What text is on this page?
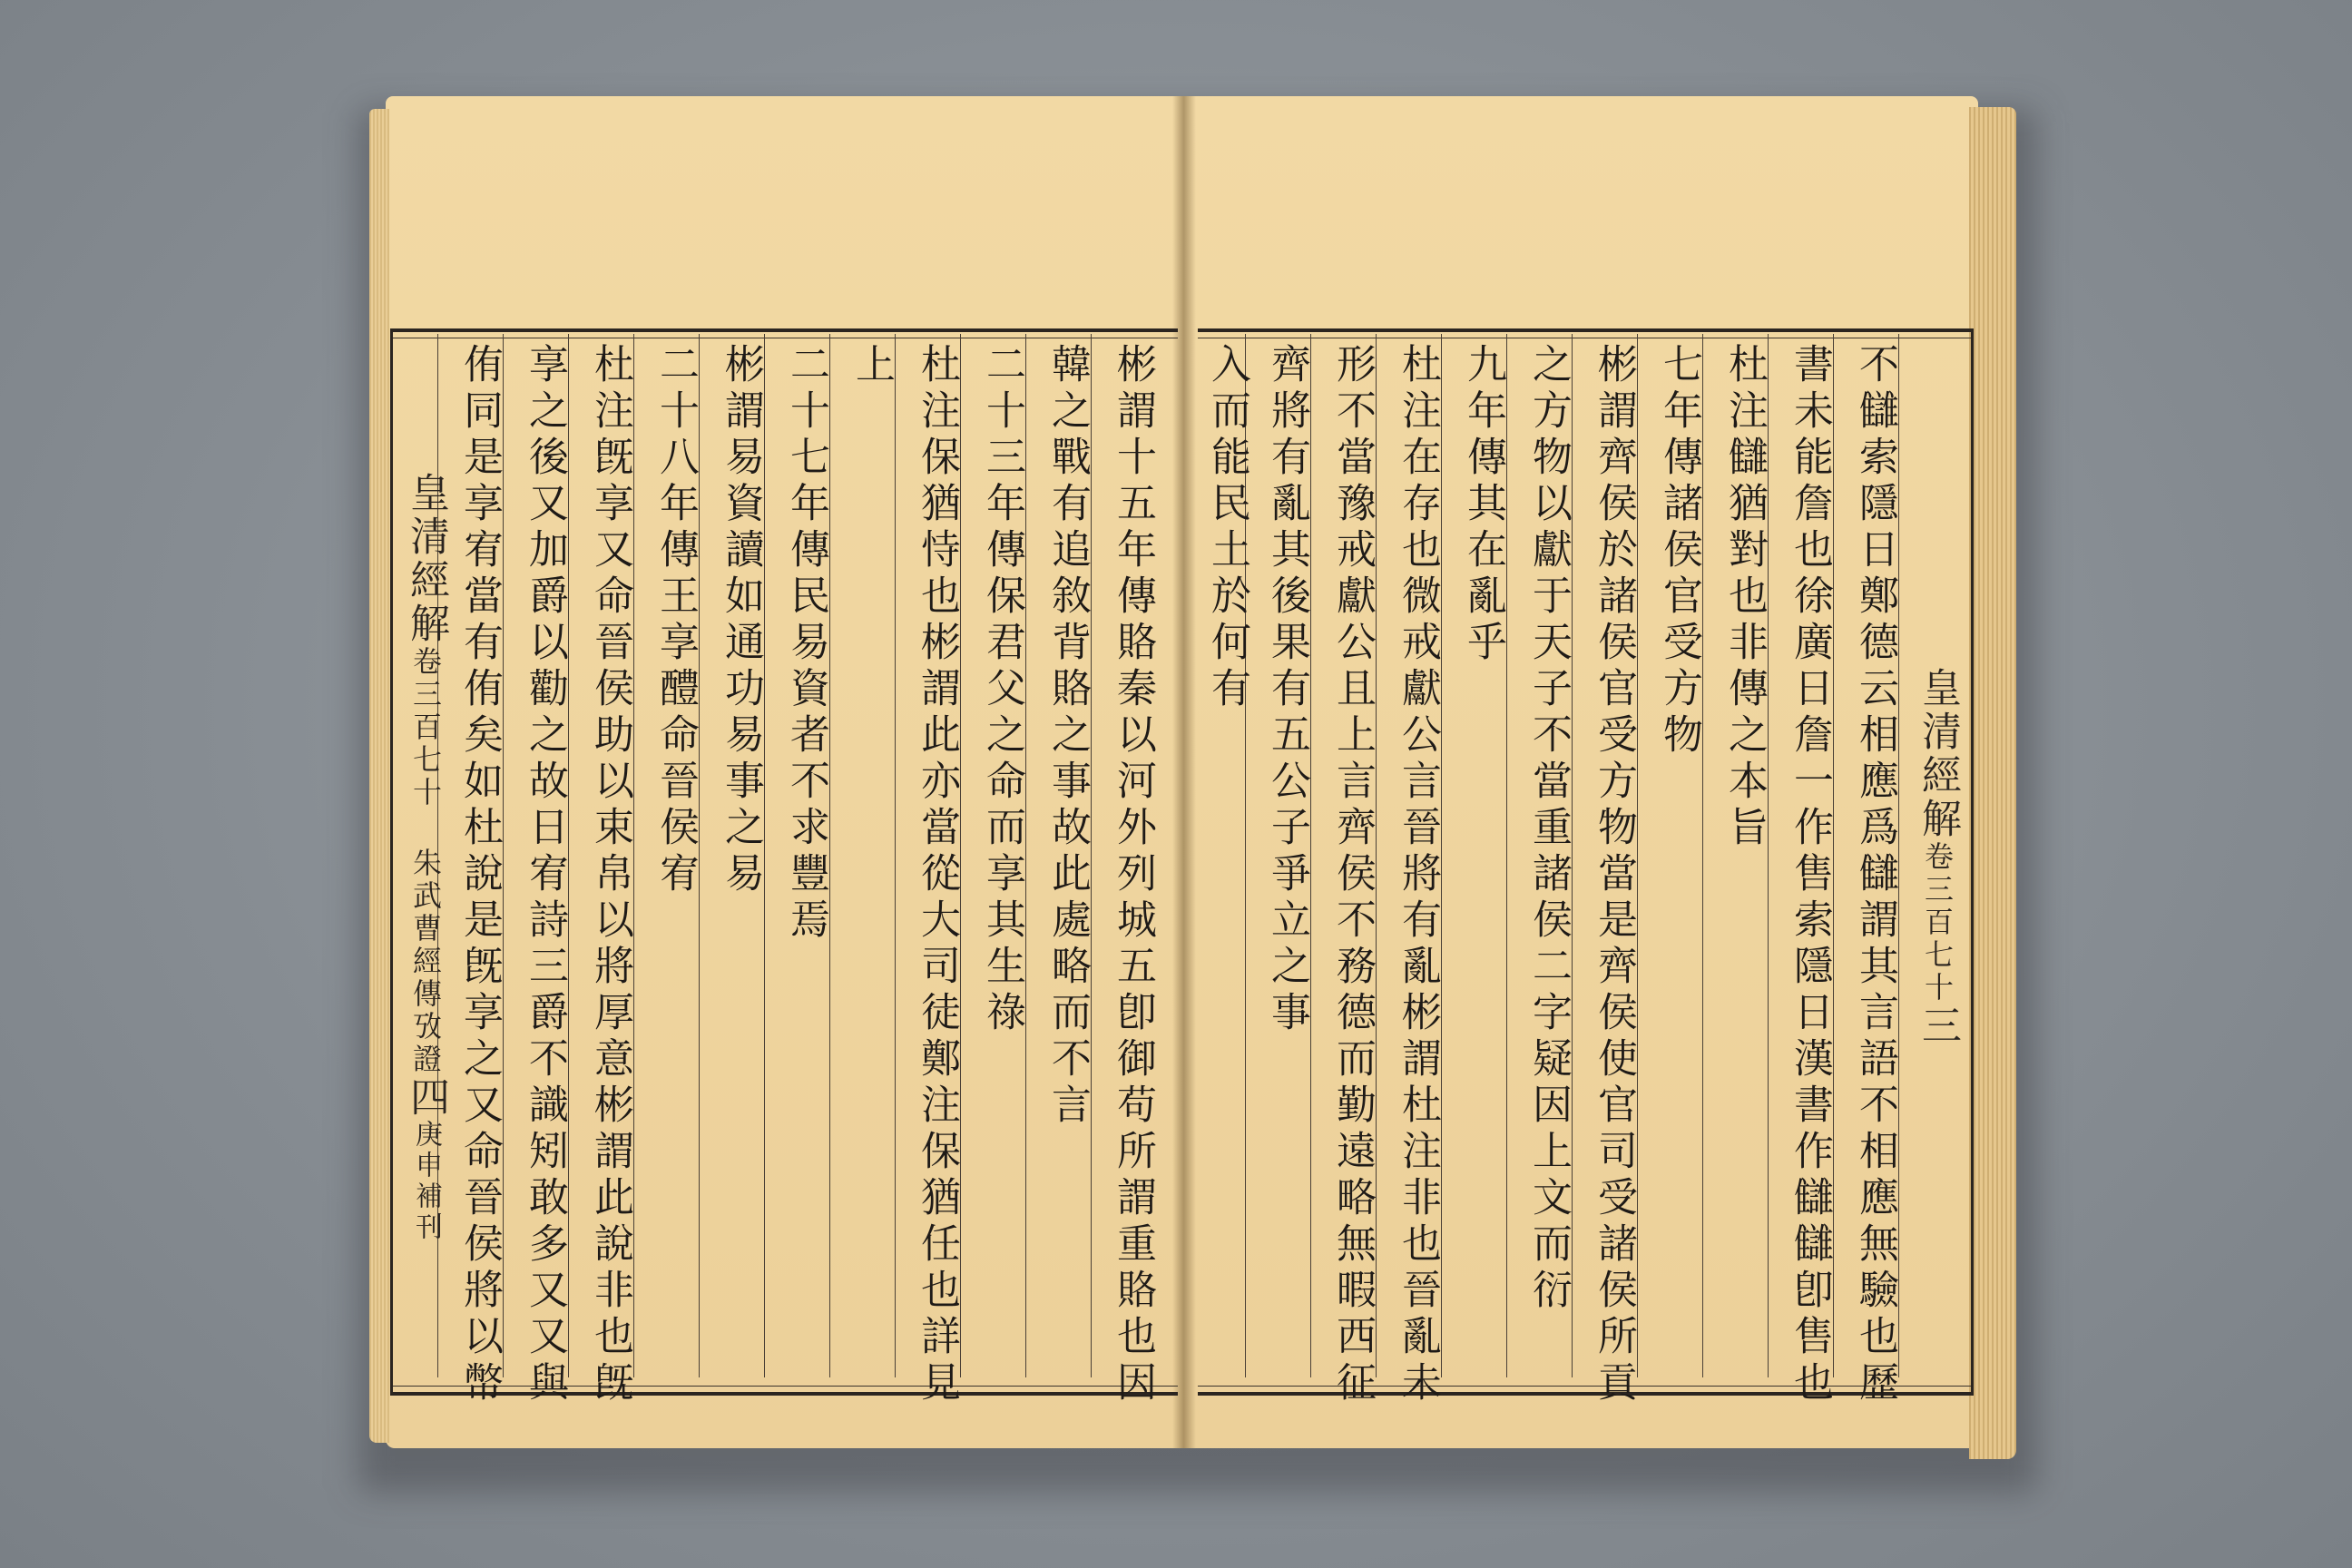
彬謂十五年傳賂秦以河外列城五卽御苟所謂重賂也因
韓之戰有追敘背賂之事故此處略而不言
二十三年傳保君父之命而享其生祿
杜注保猶恃也彬謂此亦當從大司徒鄭注保猶任也詳見
上
二十七年傳民易資者不求豐焉
彬謂易資讀如通功易事之易
二十八年傳王享醴命晉侯宥
杜注旣享又命晉侯助以束帛以將厚意彬謂此說非也旣
享之後又加爵以勸之故日宥詩三爵不識矧敢多又又與
侑同是享宥當有侑矣如杜說是旣享之又命晉侯將以幣
皇清經解卷三百七十 朱武曹經傳攷證四庚申補刊
皇清經解卷三百七十三
不讎索隱日鄭德云相應爲讎謂其言語不相應無驗也歷
書未能詹也徐廣日詹一作售索隱日漢書作讎讎卽售也
杜注讎猶對也非傳之本旨
七年傳諸侯官受方物
彬謂齊侯於諸侯官受方物當是齊侯使官司受諸侯所貢
之方物以獻于天子不當重諸侯二字疑因上文而衍
九年傳其在亂乎
杜注在存也微戒獻公言晉將有亂彬謂杜注非也晉亂未
形不當豫戒獻公且上言齊侯不務德而勤遠略無暇西征
齊將有亂其後果有五公子爭立之事
入而能民土於何有
